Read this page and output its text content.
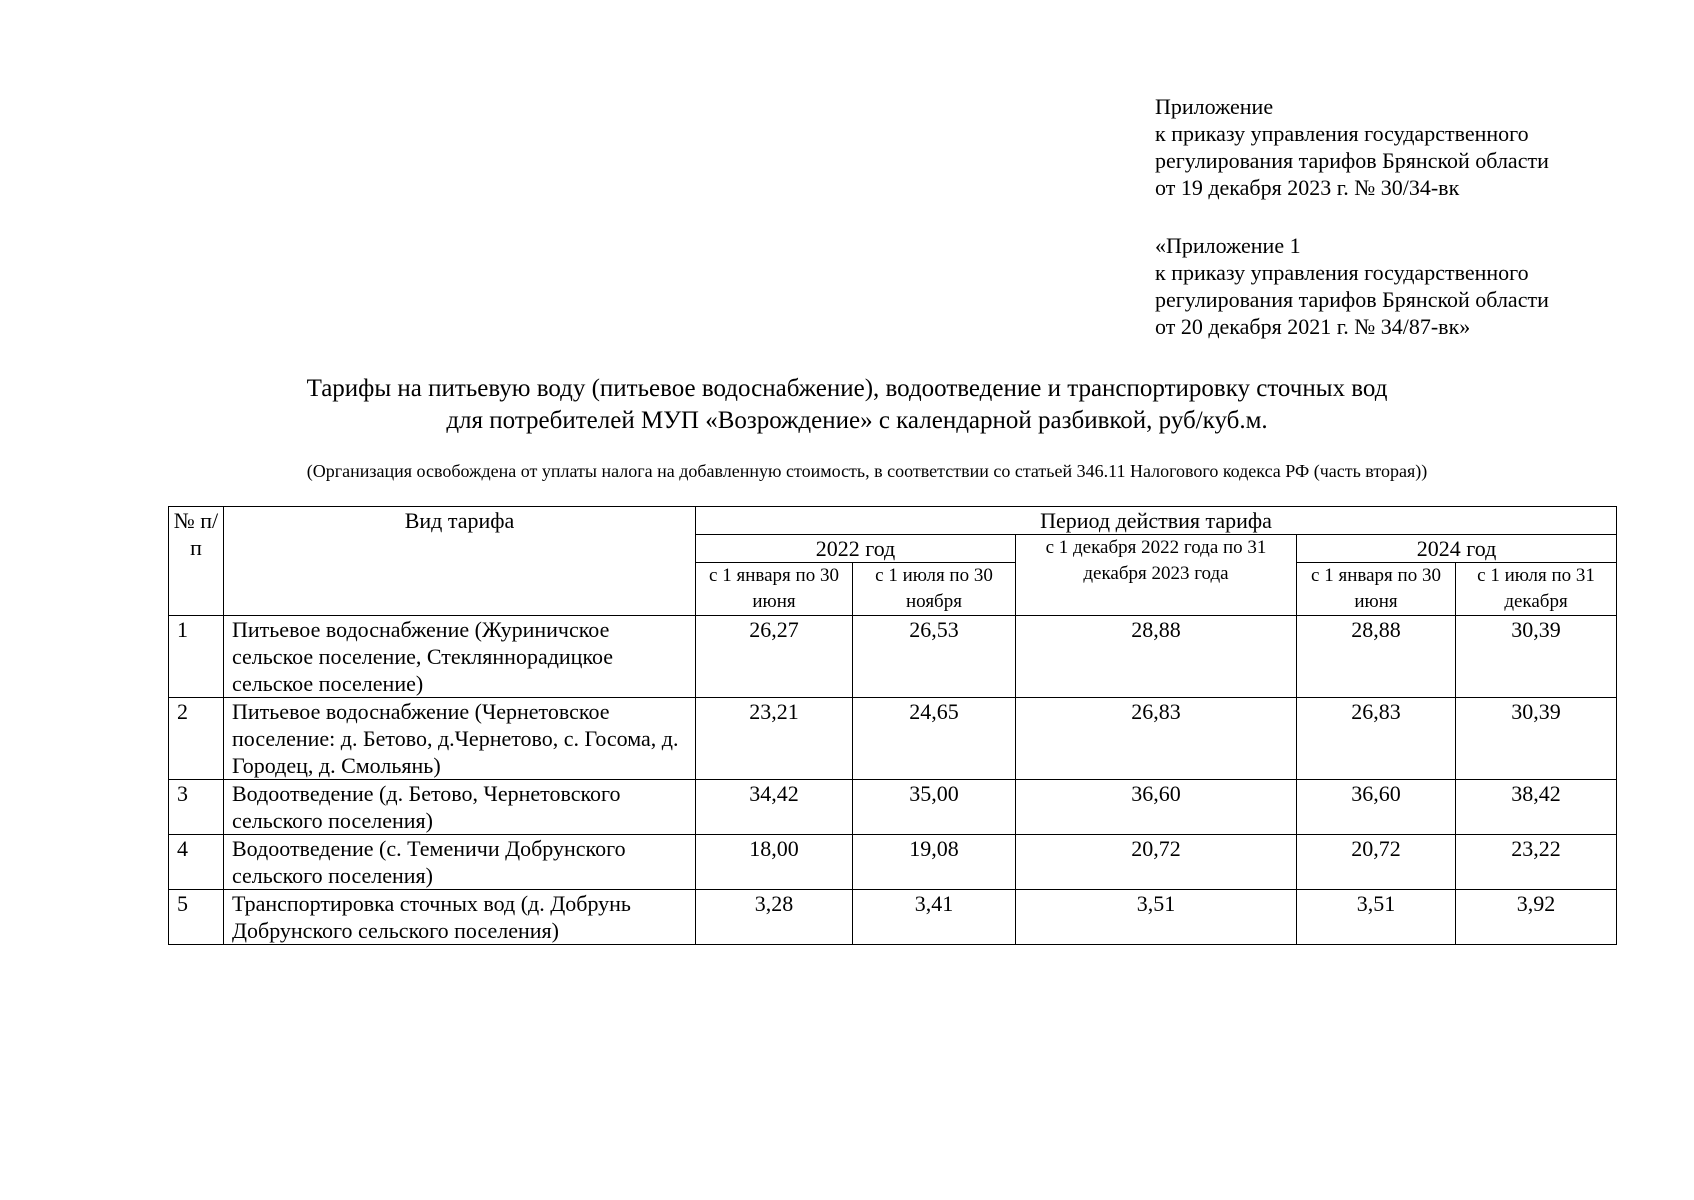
Приложение
к приказу управления государственного
регулирования тарифов Брянской области
от 19 декабря 2023 г. № 30/34-вк
«Приложение 1
к приказу управления государственного
регулирования тарифов Брянской области
от 20 декабря 2021 г. № 34/87-вк»
Тарифы на питьевую воду (питьевое водоснабжение), водоотведение и транспортировку сточных вод
для потребителей МУП «Возрождение» с календарной разбивкой, руб/куб.м.
(Организация освобождена от уплаты налога на добавленную стоимость, в соответствии со статьей 346.11 Налогового кодекса РФ (часть вторая))
№ п/п	Вид тарифа	Период действия тарифа				
		2022 год		с 1 декабря 2022 года по 31 декабря 2023 года	2024 год	
		с 1 января по 30 июня	с 1 июля по 30 ноября		с 1 января по 30 июня	с 1 июля по 31 декабря
1	Питьевое водоснабжение (Журиничское сельское поселение, Стекляннорадицкое сельское поселение)	26,27	26,53	28,88	28,88	30,39
2	Питьевое водоснабжение (Чернетовское поселение: д. Бетово, д.Чернетово, с. Госома, д. Городец, д. Смольянь)	23,21	24,65	26,83	26,83	30,39
3	Водоотведение (д. Бетово, Чернетовского сельского поселения)	34,42	35,00	36,60	36,60	38,42
4	Водоотведение (с. Теменичи Добрунского сельского поселения)	18,00	19,08	20,72	20,72	23,22
5	Транспортировка сточных вод (д. Добрунь Добрунского сельского поселения)	3,28	3,41	3,51	3,51	3,92
